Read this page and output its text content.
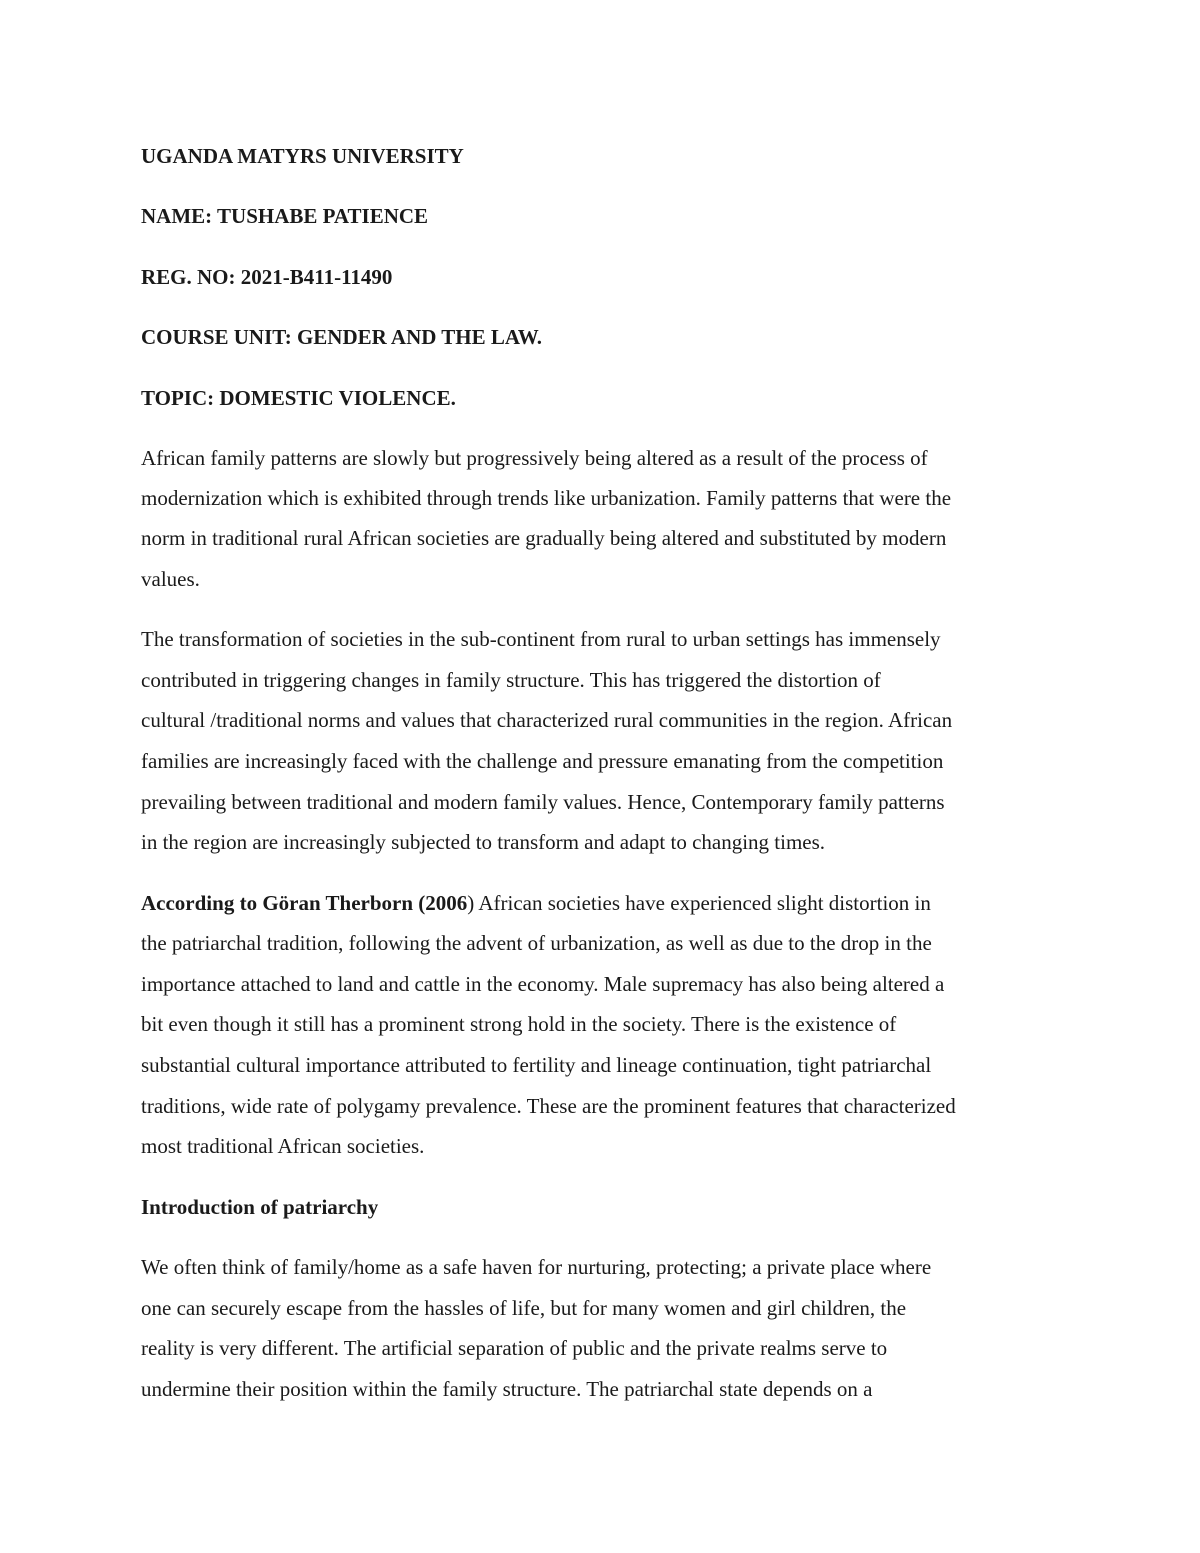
UGANDA MATYRS UNIVERSITY
NAME: TUSHABE PATIENCE
REG. NO: 2021-B411-11490
COURSE UNIT: GENDER AND THE LAW.
TOPIC: DOMESTIC VIOLENCE.
African family patterns are slowly but progressively being altered as a result of the process of
modernization which is exhibited through trends like urbanization. Family patterns that were the
norm in traditional rural African societies are gradually being altered and substituted by modern
values.
The transformation of societies in the sub-continent from rural to urban settings has immensely
contributed in triggering changes in family structure. This has triggered the distortion of
cultural /traditional norms and values that characterized rural communities in the region. African
families are increasingly faced with the challenge and pressure emanating from the competition
prevailing between traditional and modern family values. Hence, Contemporary family patterns
in the region are increasingly subjected to transform and adapt to changing times.
According to Göran Therborn (2006) African societies have experienced slight distortion in
the patriarchal tradition, following the advent of urbanization, as well as due to the drop in the
importance attached to land and cattle in the economy. Male supremacy has also being altered a
bit even though it still has a prominent strong hold in the society. There is the existence of
substantial cultural importance attributed to fertility and lineage continuation, tight patriarchal
traditions, wide rate of polygamy prevalence. These are the prominent features that characterized
most traditional African societies.
Introduction of patriarchy
We often think of family/home as a safe haven for nurturing, protecting; a private place where
one can securely escape from the hassles of life, but for many women and girl children, the
reality is very different. The artificial separation of public and the private realms serve to
undermine their position within the family structure. The patriarchal state depends on a
